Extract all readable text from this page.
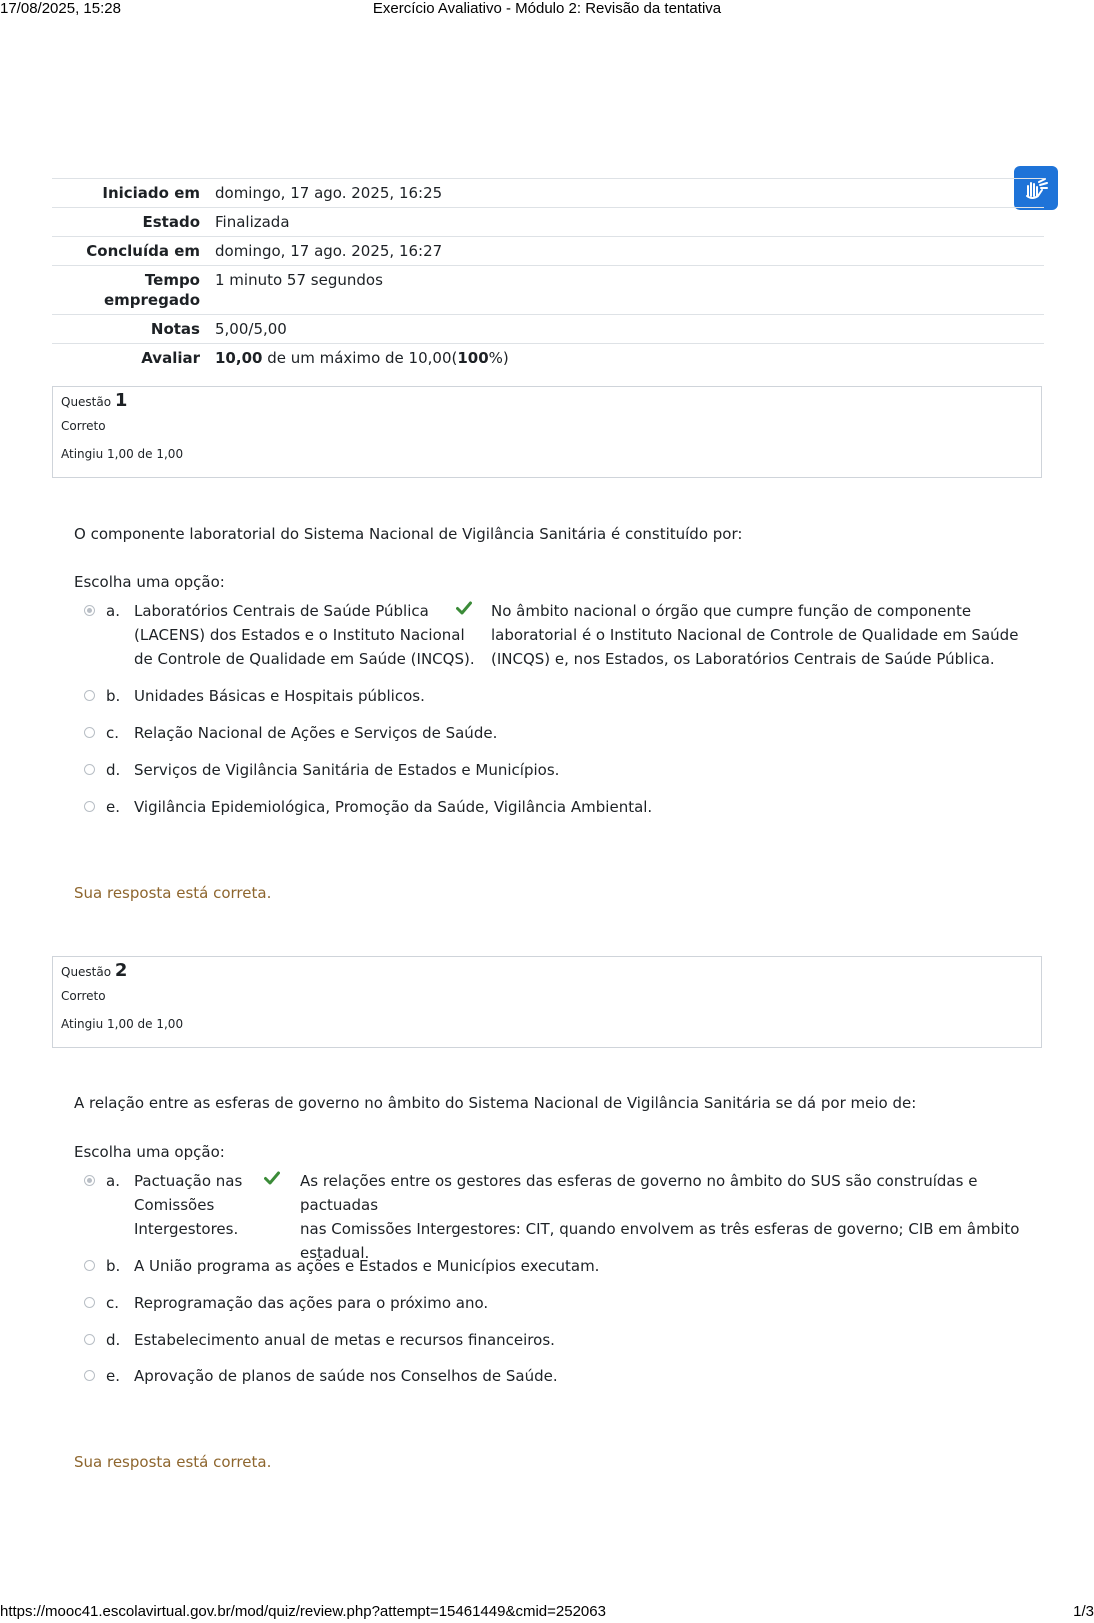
17/08/2025, 15:28	Exercício Avaliativo - Módulo 2: Revisão da tentativa
Iniciado em	domingo, 17 ago. 2025, 16:25
Estado	Finalizada
Concluída em	domingo, 17 ago. 2025, 16:27
Tempo
empregado	1 minuto 57 segundos
Notas	5,00/5,00
Avaliar	10,00 de um máximo de 10,00(100%)
Questão 1
Correto
Atingiu 1,00 de 1,00
O componente laboratorial do Sistema Nacional de Vigilância Sanitária é constituído por:
Escolha uma opção:
a. Laboratórios Centrais de Saúde Pública
(LACENS) dos Estados e o Instituto Nacional
de Controle de Qualidade em Saúde (INCQS).
No âmbito nacional o órgão que cumpre função de componente
laboratorial é o Instituto Nacional de Controle de Qualidade em Saúde
(INCQS) e, nos Estados, os Laboratórios Centrais de Saúde Pública.
b. Unidades Básicas e Hospitais públicos.
c. Relação Nacional de Ações e Serviços de Saúde.
d. Serviços de Vigilância Sanitária de Estados e Municípios.
e. Vigilância Epidemiológica, Promoção da Saúde, Vigilância Ambiental.
Sua resposta está correta.
Questão 2
Correto
Atingiu 1,00 de 1,00
A relação entre as esferas de governo no âmbito do Sistema Nacional de Vigilância Sanitária se dá por meio de:
Escolha uma opção:
a. Pactuação nas
Comissões
Intergestores.
As relações entre os gestores das esferas de governo no âmbito do SUS são construídas e pactuadas
nas Comissões Intergestores: CIT, quando envolvem as três esferas de governo; CIB em âmbito
estadual.
b. A União programa as ações e Estados e Municípios executam.
c. Reprogramação das ações para o próximo ano.
d. Estabelecimento anual de metas e recursos financeiros.
e. Aprovação de planos de saúde nos Conselhos de Saúde.
Sua resposta está correta.
https://mooc41.escolavirtual.gov.br/mod/quiz/review.php?attempt=15461449&cmid=252063	1/3
